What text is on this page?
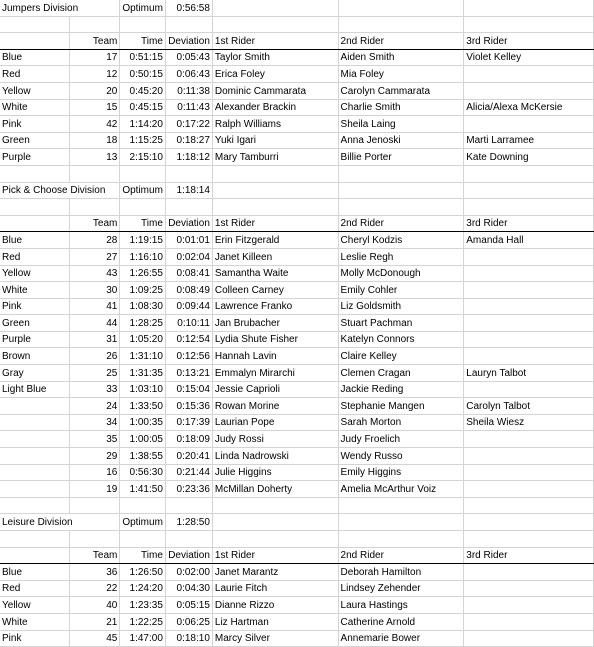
Jumpers Division		Optimum	0:56:58			

	Team	Time	Deviation	1st Rider	2nd Rider	3rd Rider
Blue	17	0:51:15	0:05:43	Taylor Smith	Aiden Smith	Violet Kelley
Red	12	0:50:15	0:06:43	Erica Foley	Mia Foley	
Yellow	20	0:45:20	0:11:38	Dominic Cammarata	Carolyn Cammarata	
White	15	0:45:15	0:11:43	Alexander Brackin	Charlie Smith	Alicia/Alexa McKersie
Pink	42	1:14:20	0:17:22	Ralph Williams	Sheila Laing	
Green	18	1:15:25	0:18:27	Yuki Igari	Anna Jenoski	Marti Larramee
Purple	13	2:15:10	1:18:12	Mary Tamburri	Billie Porter	Kate Downing

Pick & Choose Division		Optimum	1:18:14			

	Team	Time	Deviation	1st Rider	2nd Rider	3rd Rider
Blue	28	1:19:15	0:01:01	Erin Fitzgerald	Cheryl Kodzis	Amanda Hall
Red	27	1:16:10	0:02:04	Janet Killeen	Leslie Regh	
Yellow	43	1:26:55	0:08:41	Samantha Waite	Molly McDonough	
White	30	1:09:25	0:08:49	Colleen Carney	Emily Cohler	
Pink	41	1:08:30	0:09:44	Lawrence Franko	Liz Goldsmith	
Green	44	1:28:25	0:10:11	Jan Brubacher	Stuart Pachman	
Purple	31	1:05:20	0:12:54	Lydia Shute Fisher	Katelyn Connors	
Brown	26	1:31:10	0:12:56	Hannah Lavin	Claire Kelley	
Gray	25	1:31:35	0:13:21	Emmalyn Mirarchi	Clemen Cragan	Lauryn Talbot
Light Blue	33	1:03:10	0:15:04	Jessie Caprioli	Jackie Reding	
	24	1:33:50	0:15:36	Rowan Morine	Stephanie Mangen	Carolyn Talbot
	34	1:00:35	0:17:39	Laurian Pope	Sarah Morton	Sheila Wiesz
	35	1:00:05	0:18:09	Judy Rossi	Judy Froelich	
	29	1:38:55	0:20:41	Linda Nadrowski	Wendy Russo	
	16	0:56:30	0:21:44	Julie Higgins	Emily Higgins	
	19	1:41:50	0:23:36	McMillan Doherty	Amelia McArthur Voiz	

Leisure Division		Optimum	1:28:50			

	Team	Time	Deviation	1st Rider	2nd Rider	3rd Rider
Blue	36	1:26:50	0:02:00	Janet Marantz	Deborah Hamilton	
Red	22	1:24:20	0:04:30	Laurie Fitch	Lindsey Zehender	
Yellow	40	1:23:35	0:05:15	Dianne Rizzo	Laura Hastings	
White	21	1:22:25	0:06:25	Liz Hartman	Catherine Arnold	
Pink	45	1:47:00	0:18:10	Marcy Silver	Annemarie Bower	
